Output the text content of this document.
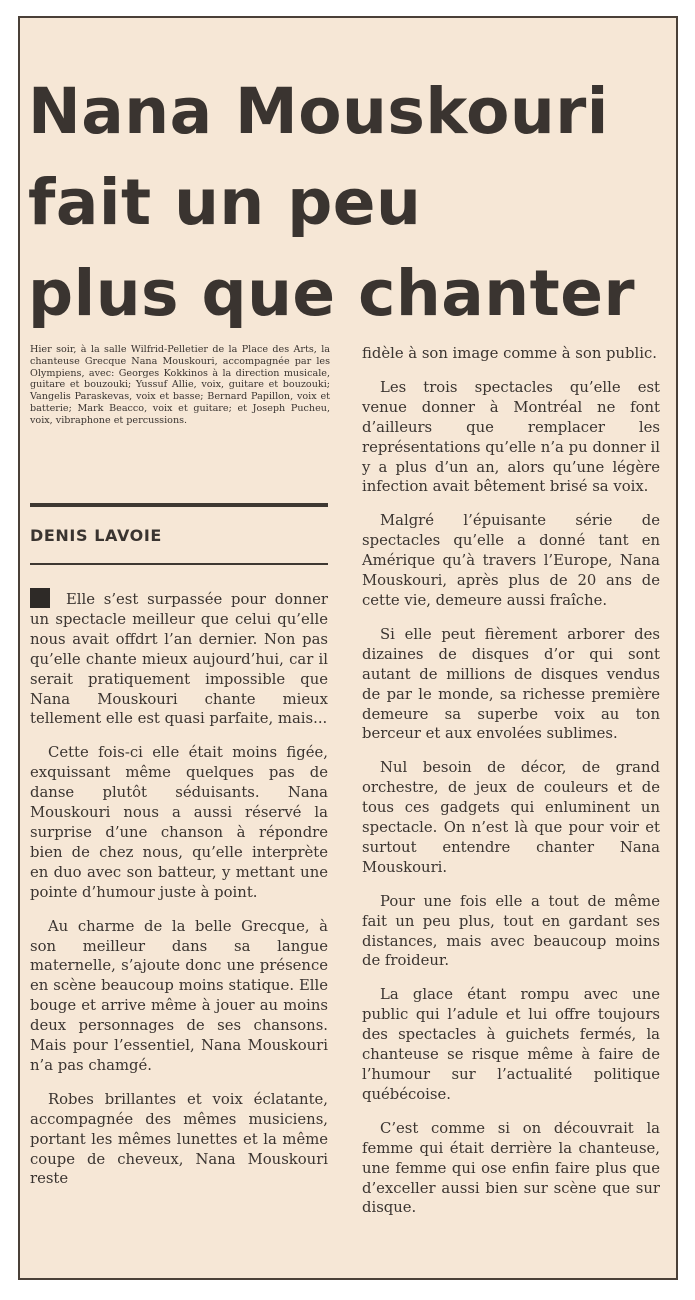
Nana Mouskouri
fait un peu
plus que chanter

Hier soir, à la salle Wilfrid-Pelletier de la Place des Arts, la chanteuse Grecque Nana Mouskouri, accompagnée par les Olympiens, avec: Georges Kokkinos à la direction musicale, guitare et bouzouki; Yussuf Allie, voix, guitare et bouzouki; Vangelis Paraskevas, voix et basse; Bernard Papillon, voix et batterie; Mark Beacco, voix et guitare; et Joseph Pucheu, voix, vibraphone et percussions.

DENIS LAVOIE

Elle s’est surpassée pour donner un spectacle meilleur que celui qu’elle nous avait offdrt l’an dernier. Non pas qu’elle chante mieux aujourd’hui, car il serait pratiquement impossible que Nana Mouskouri chante mieux tellement elle est quasi parfaite, mais...

Cette fois-ci elle était moins figée, exquissant même quelques pas de danse plutôt séduisants. Nana Mouskouri nous a aussi réservé la surprise d’une chanson à répondre bien de chez nous, qu’elle interprète en duo avec son batteur, y mettant une pointe d’humour juste à point.

Au charme de la belle Grecque, à son meilleur dans sa langue maternelle, s’ajoute donc une présence en scène beaucoup moins statique. Elle bouge et arrive même à jouer au moins deux personnages de ses chansons. Mais pour l’essentiel, Nana Mouskouri n’a pas chamgé.

Robes brillantes et voix éclatante, accompagnée des mêmes musiciens, portant les mêmes lunettes et la même coupe de cheveux, Nana Mouskouri reste

fidèle à son image comme à son public.

Les trois spectacles qu’elle est venue donner à Montréal ne font d’ailleurs que remplacer les représentations qu’elle n’a pu donner il y a plus d’un an, alors qu’une légère infection avait bêtement brisé sa voix.

Malgré l’épuisante série de spectacles qu’elle a donné tant en Amérique qu’à travers l’Europe, Nana Mouskouri, après plus de 20 ans de cette vie, demeure aussi fraîche.

Si elle peut fièrement arborer des dizaines de disques d’or qui sont autant de millions de disques vendus de par le monde, sa richesse première demeure sa superbe voix au ton berceur et aux envolées sublimes.

Nul besoin de décor, de grand orchestre, de jeux de couleurs et de tous ces gadgets qui enluminent un spectacle. On n’est là que pour voir et surtout entendre chanter Nana Mouskouri.

Pour une fois elle a tout de même fait un peu plus, tout en gardant ses distances, mais avec beaucoup moins de froideur.

La glace étant rompu avec une public qui l’adule et lui offre toujours des spectacles à guichets fermés, la chanteuse se risque même à faire de l’humour sur l’actualité politique québécoise.

C’est comme si on découvrait la femme qui était derrière la chanteuse, une femme qui ose enfin faire plus que d’exceller aussi bien sur scène que sur disque.
